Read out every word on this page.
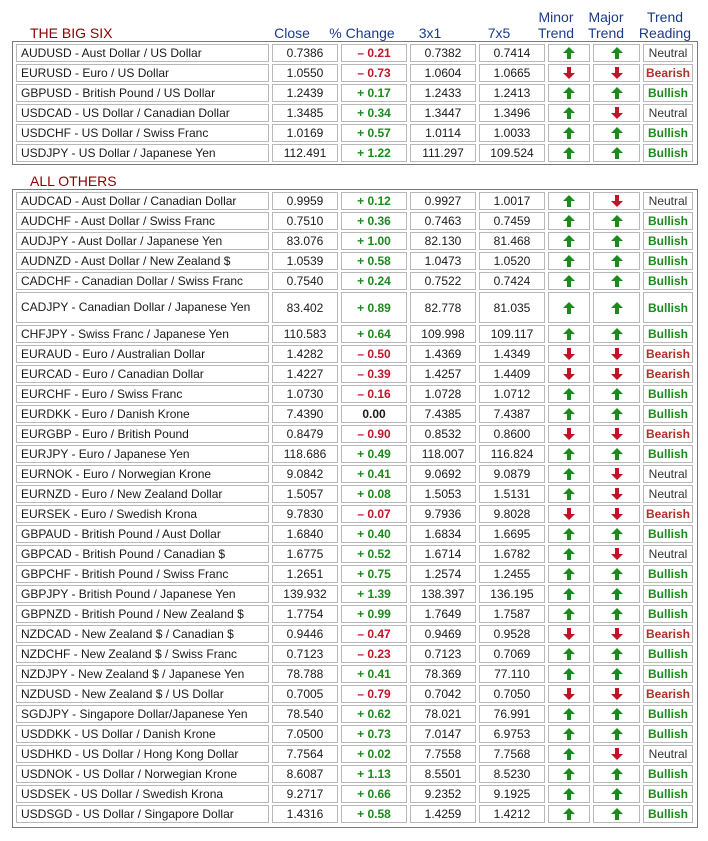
THE BIG SIX	Close	% Change	3x1	7x5
Minor Trend
Major Trend
Trend Reading
AUDUSD - Aust Dollar / US Dollar	0.7386	– 0.21	0.7382	0.7414	Neutral
EURUSD - Euro / US Dollar	1.0550	– 0.73	1.0604	1.0665	Bearish
GBPUSD - British Pound / US Dollar	1.2439	+ 0.17	1.2433	1.2413	Bullish
USDCAD - US Dollar / Canadian Dollar	1.3485	+ 0.34	1.3447	1.3496	Neutral
USDCHF - US Dollar / Swiss Franc	1.0169	+ 0.57	1.0114	1.0033	Bullish
USDJPY - US Dollar / Japanese Yen	112.491	+ 1.22	111.297	109.524	Bullish
ALL OTHERS
AUDCAD - Aust Dollar / Canadian Dollar	0.9959	+ 0.12	0.9927	1.0017	Neutral
AUDCHF - Aust Dollar / Swiss Franc	0.7510	+ 0.36	0.7463	0.7459	Bullish
AUDJPY - Aust Dollar / Japanese Yen	83.076	+ 1.00	82.130	81.468	Bullish
AUDNZD - Aust Dollar / New Zealand $	1.0539	+ 0.58	1.0473	1.0520	Bullish
CADCHF - Canadian Dollar / Swiss Franc	0.7540	+ 0.24	0.7522	0.7424	Bullish
CADJPY - Canadian Dollar / Japanese Yen	83.402	+ 0.89	82.778	81.035	Bullish
CHFJPY - Swiss Franc / Japanese Yen	110.583	+ 0.64	109.998	109.117	Bullish
EURAUD - Euro / Australian Dollar	1.4282	– 0.50	1.4369	1.4349	Bearish
EURCAD - Euro / Canadian Dollar	1.4227	– 0.39	1.4257	1.4409	Bearish
EURCHF - Euro / Swiss Franc	1.0730	– 0.16	1.0728	1.0712	Bullish
EURDKK - Euro / Danish Krone	7.4390	0.00	7.4385	7.4387	Bullish
EURGBP - Euro / British Pound	0.8479	– 0.90	0.8532	0.8600	Bearish
EURJPY - Euro / Japanese Yen	118.686	+ 0.49	118.007	116.824	Bullish
EURNOK - Euro / Norwegian Krone	9.0842	+ 0.41	9.0692	9.0879	Neutral
EURNZD - Euro / New Zealand Dollar	1.5057	+ 0.08	1.5053	1.5131	Neutral
EURSEK - Euro / Swedish Krona	9.7830	– 0.07	9.7936	9.8028	Bearish
GBPAUD - British Pound / Aust Dollar	1.6840	+ 0.40	1.6834	1.6695	Bullish
GBPCAD - British Pound / Canadian $	1.6775	+ 0.52	1.6714	1.6782	Neutral
GBPCHF - British Pound / Swiss Franc	1.2651	+ 0.75	1.2574	1.2455	Bullish
GBPJPY - British Pound / Japanese Yen	139.932	+ 1.39	138.397	136.195	Bullish
GBPNZD - British Pound / New Zealand $	1.7754	+ 0.99	1.7649	1.7587	Bullish
NZDCAD - New Zealand $ / Canadian $	0.9446	– 0.47	0.9469	0.9528	Bearish
NZDCHF - New Zealand $ / Swiss Franc	0.7123	– 0.23	0.7123	0.7069	Bullish
NZDJPY - New Zealand $ / Japanese Yen	78.788	+ 0.41	78.369	77.110	Bullish
NZDUSD - New Zealand $ / US Dollar	0.7005	– 0.79	0.7042	0.7050	Bearish
SGDJPY - Singapore Dollar/Japanese Yen	78.540	+ 0.62	78.021	76.991	Bullish
USDDKK - US Dollar / Danish Krone	7.0500	+ 0.73	7.0147	6.9753	Bullish
USDHKD - US Dollar / Hong Kong Dollar	7.7564	+ 0.02	7.7558	7.7568	Neutral
USDNOK - US Dollar / Norwegian Krone	8.6087	+ 1.13	8.5501	8.5230	Bullish
USDSEK - US Dollar / Swedish Krona	9.2717	+ 0.66	9.2352	9.1925	Bullish
USDSGD - US Dollar / Singapore Dollar	1.4316	+ 0.58	1.4259	1.4212	Bullish
